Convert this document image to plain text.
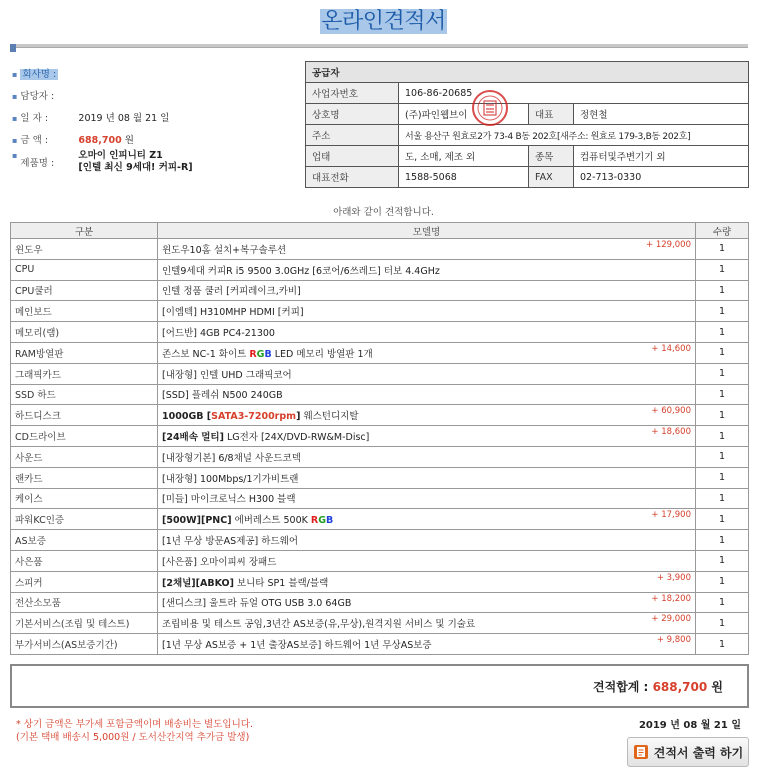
온라인견적서
▪ 회사명 :
▪ 담당자 :
▪ 일 자 :	2019 년 08 월 21 일
▪ 금 액 :	688,700 원
▪제품명 :오마이 인피니티 Z1
[인텔 최신 9세대! 커피-R]
공급자			
사업자번호	106-86-20685		
상호명	(주)파인웹브이	대표	정현철
주소	서울 용산구 원효로2가 73-4 B동 202호[새주소: 원효로 179-3,B동 202호]		
업태	도, 소매, 제조 외	종목	컴퓨터및주변기기 외
대표전화	1588-5068	FAX	02-713-0330
아래와 같이 견적합니다.
구분	모델명	수량
윈도우	윈도우10홈 설치+복구솔루션 + 129,000	1
CPU	인텔9세대 커피R i5 9500 3.0GHz [6코어/6쓰레드] 터보 4.4GHz	1
CPU쿨러	인텔 정품 쿨러 [커피레이크,카비]	1
메인보드	[이엠텍] H310MHP HDMI [커피]	1
메모리(램)	[어드반] 4GB PC4-21300	1
RAM방열판	존스보 NC-1 화이트 RGB LED 메모리 방열판 1개 + 14,600	1
그래픽카드	[내장형] 인텔 UHD 그래픽코어	1
SSD 하드	[SSD] 플레쉬 N500 240GB	1
하드디스크	1000GB [SATA3-7200rpm] 웨스턴디지탈 + 60,900	1
CD드라이브	[24배속 멀티] LG전자 [24X/DVD-RW&M-Disc] + 18,600	1
사운드	[내장형기본] 6/8채널 사운드코덱	1
랜카드	[내장형] 100Mbps/1기가비트랜	1
케이스	[미들] 마이크로닉스 H300 블랙	1
파워KC인증	[500W][PNC] 에버레스트 500K RGB + 17,900	1
AS보증	[1년 무상 방문AS제공] 하드웨어	1
사은품	[사은품] 오마이피씨 장패드	1
스피커	[2채널][ABKO] 보니타 SP1 블랙/블랙 + 3,900	1
전산소모품	[샌디스크] 울트라 듀얼 OTG USB 3.0 64GB + 18,200	1
기본서비스(조립 및 테스트)	조립비용 및 테스트 공임,3년간 AS보증(유,무상),원격지원 서비스 및 기술료 + 29,000	1
부가서비스(AS보증기간)	[1년 무상 AS보증 + 1년 출장AS보증] 하드웨어 1년 무상AS보증 + 9,800	1
견적합계 : 688,700 원
* 상기 금액은 부가세 포함금액이며 배송비는 별도입니다.
(기본 택배 배송시 5,000원 / 도서산간지역 추가금 발생)
2019 년 08 월 21 일
견적서 출력 하기
